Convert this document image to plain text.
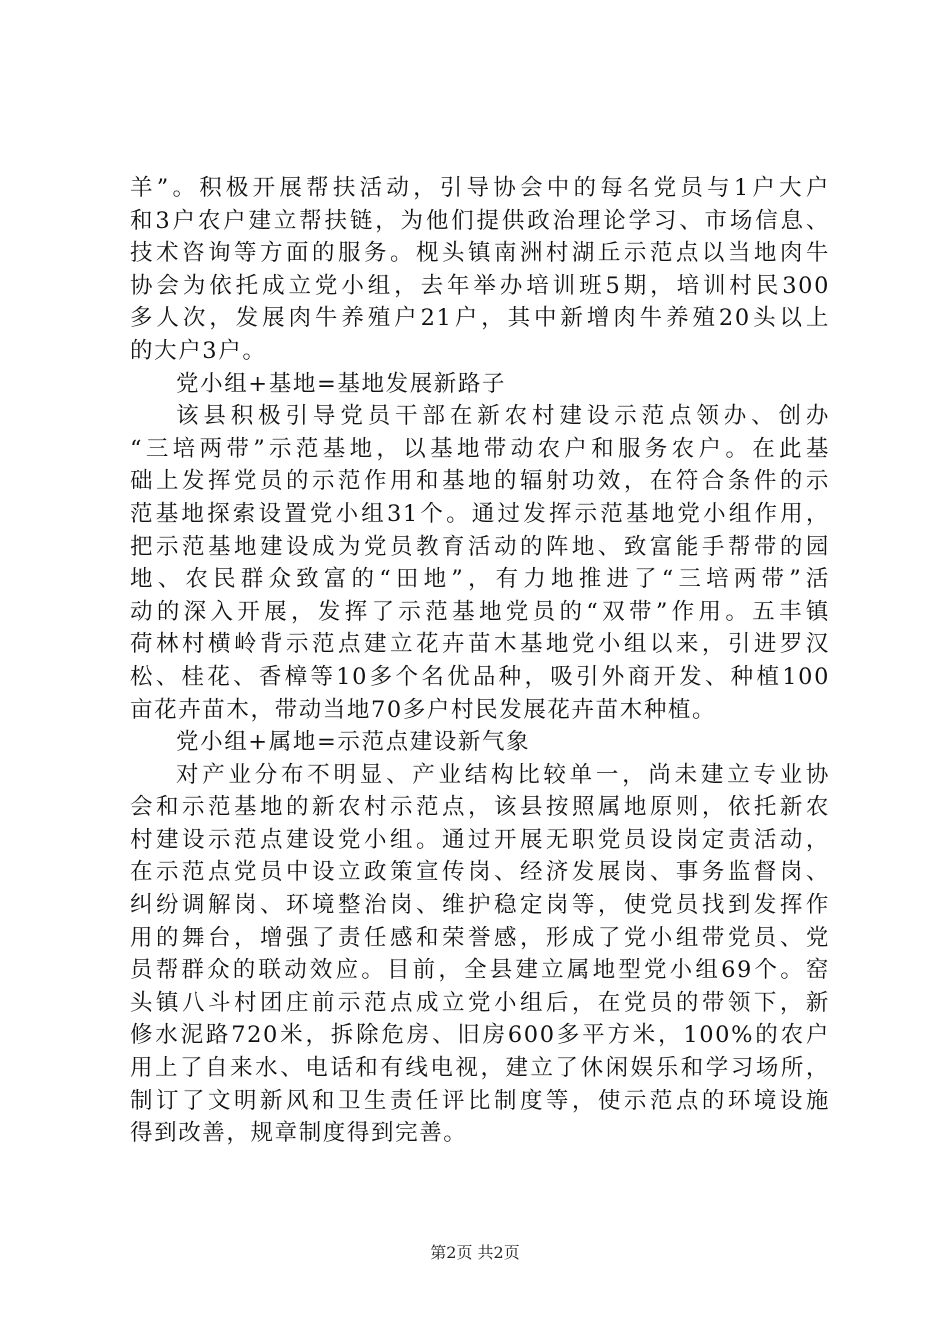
羊”。积极开展帮扶活动，引导协会中的每名党员与1户大户
和3户农户建立帮扶链，为他们提供政治理论学习、市场信息、
技术咨询等方面的服务。枧头镇南洲村湖丘示范点以当地肉牛
协会为依托成立党小组，去年举办培训班5期，培训村民300
多人次，发展肉牛养殖户21户，其中新增肉牛养殖20头以上
的大户3户。
党小组+基地=基地发展新路子
该县积极引导党员干部在新农村建设示范点领办、创办
“三培两带”示范基地，以基地带动农户和服务农户。在此基
础上发挥党员的示范作用和基地的辐射功效，在符合条件的示
范基地探索设置党小组31个。通过发挥示范基地党小组作用，
把示范基地建设成为党员教育活动的阵地、致富能手帮带的园
地、农民群众致富的“田地”，有力地推进了“三培两带”活
动的深入开展，发挥了示范基地党员的“双带”作用。五丰镇
荷林村横岭背示范点建立花卉苗木基地党小组以来，引进罗汉
松、桂花、香樟等10多个名优品种，吸引外商开发、种植100
亩花卉苗木，带动当地70多户村民发展花卉苗木种植。
党小组+属地=示范点建设新气象
对产业分布不明显、产业结构比较单一，尚未建立专业协
会和示范基地的新农村示范点，该县按照属地原则，依托新农
村建设示范点建设党小组。通过开展无职党员设岗定责活动，
在示范点党员中设立政策宣传岗、经济发展岗、事务监督岗、
纠纷调解岗、环境整治岗、维护稳定岗等，使党员找到发挥作
用的舞台，增强了责任感和荣誉感，形成了党小组带党员、党
员帮群众的联动效应。目前，全县建立属地型党小组69个。窑
头镇八斗村团庄前示范点成立党小组后，在党员的带领下，新
修水泥路720米，拆除危房、旧房600多平方米，100%的农户
用上了自来水、电话和有线电视，建立了休闲娱乐和学习场所，
制订了文明新风和卫生责任评比制度等，使示范点的环境设施
得到改善，规章制度得到完善。
第2页 共2页
